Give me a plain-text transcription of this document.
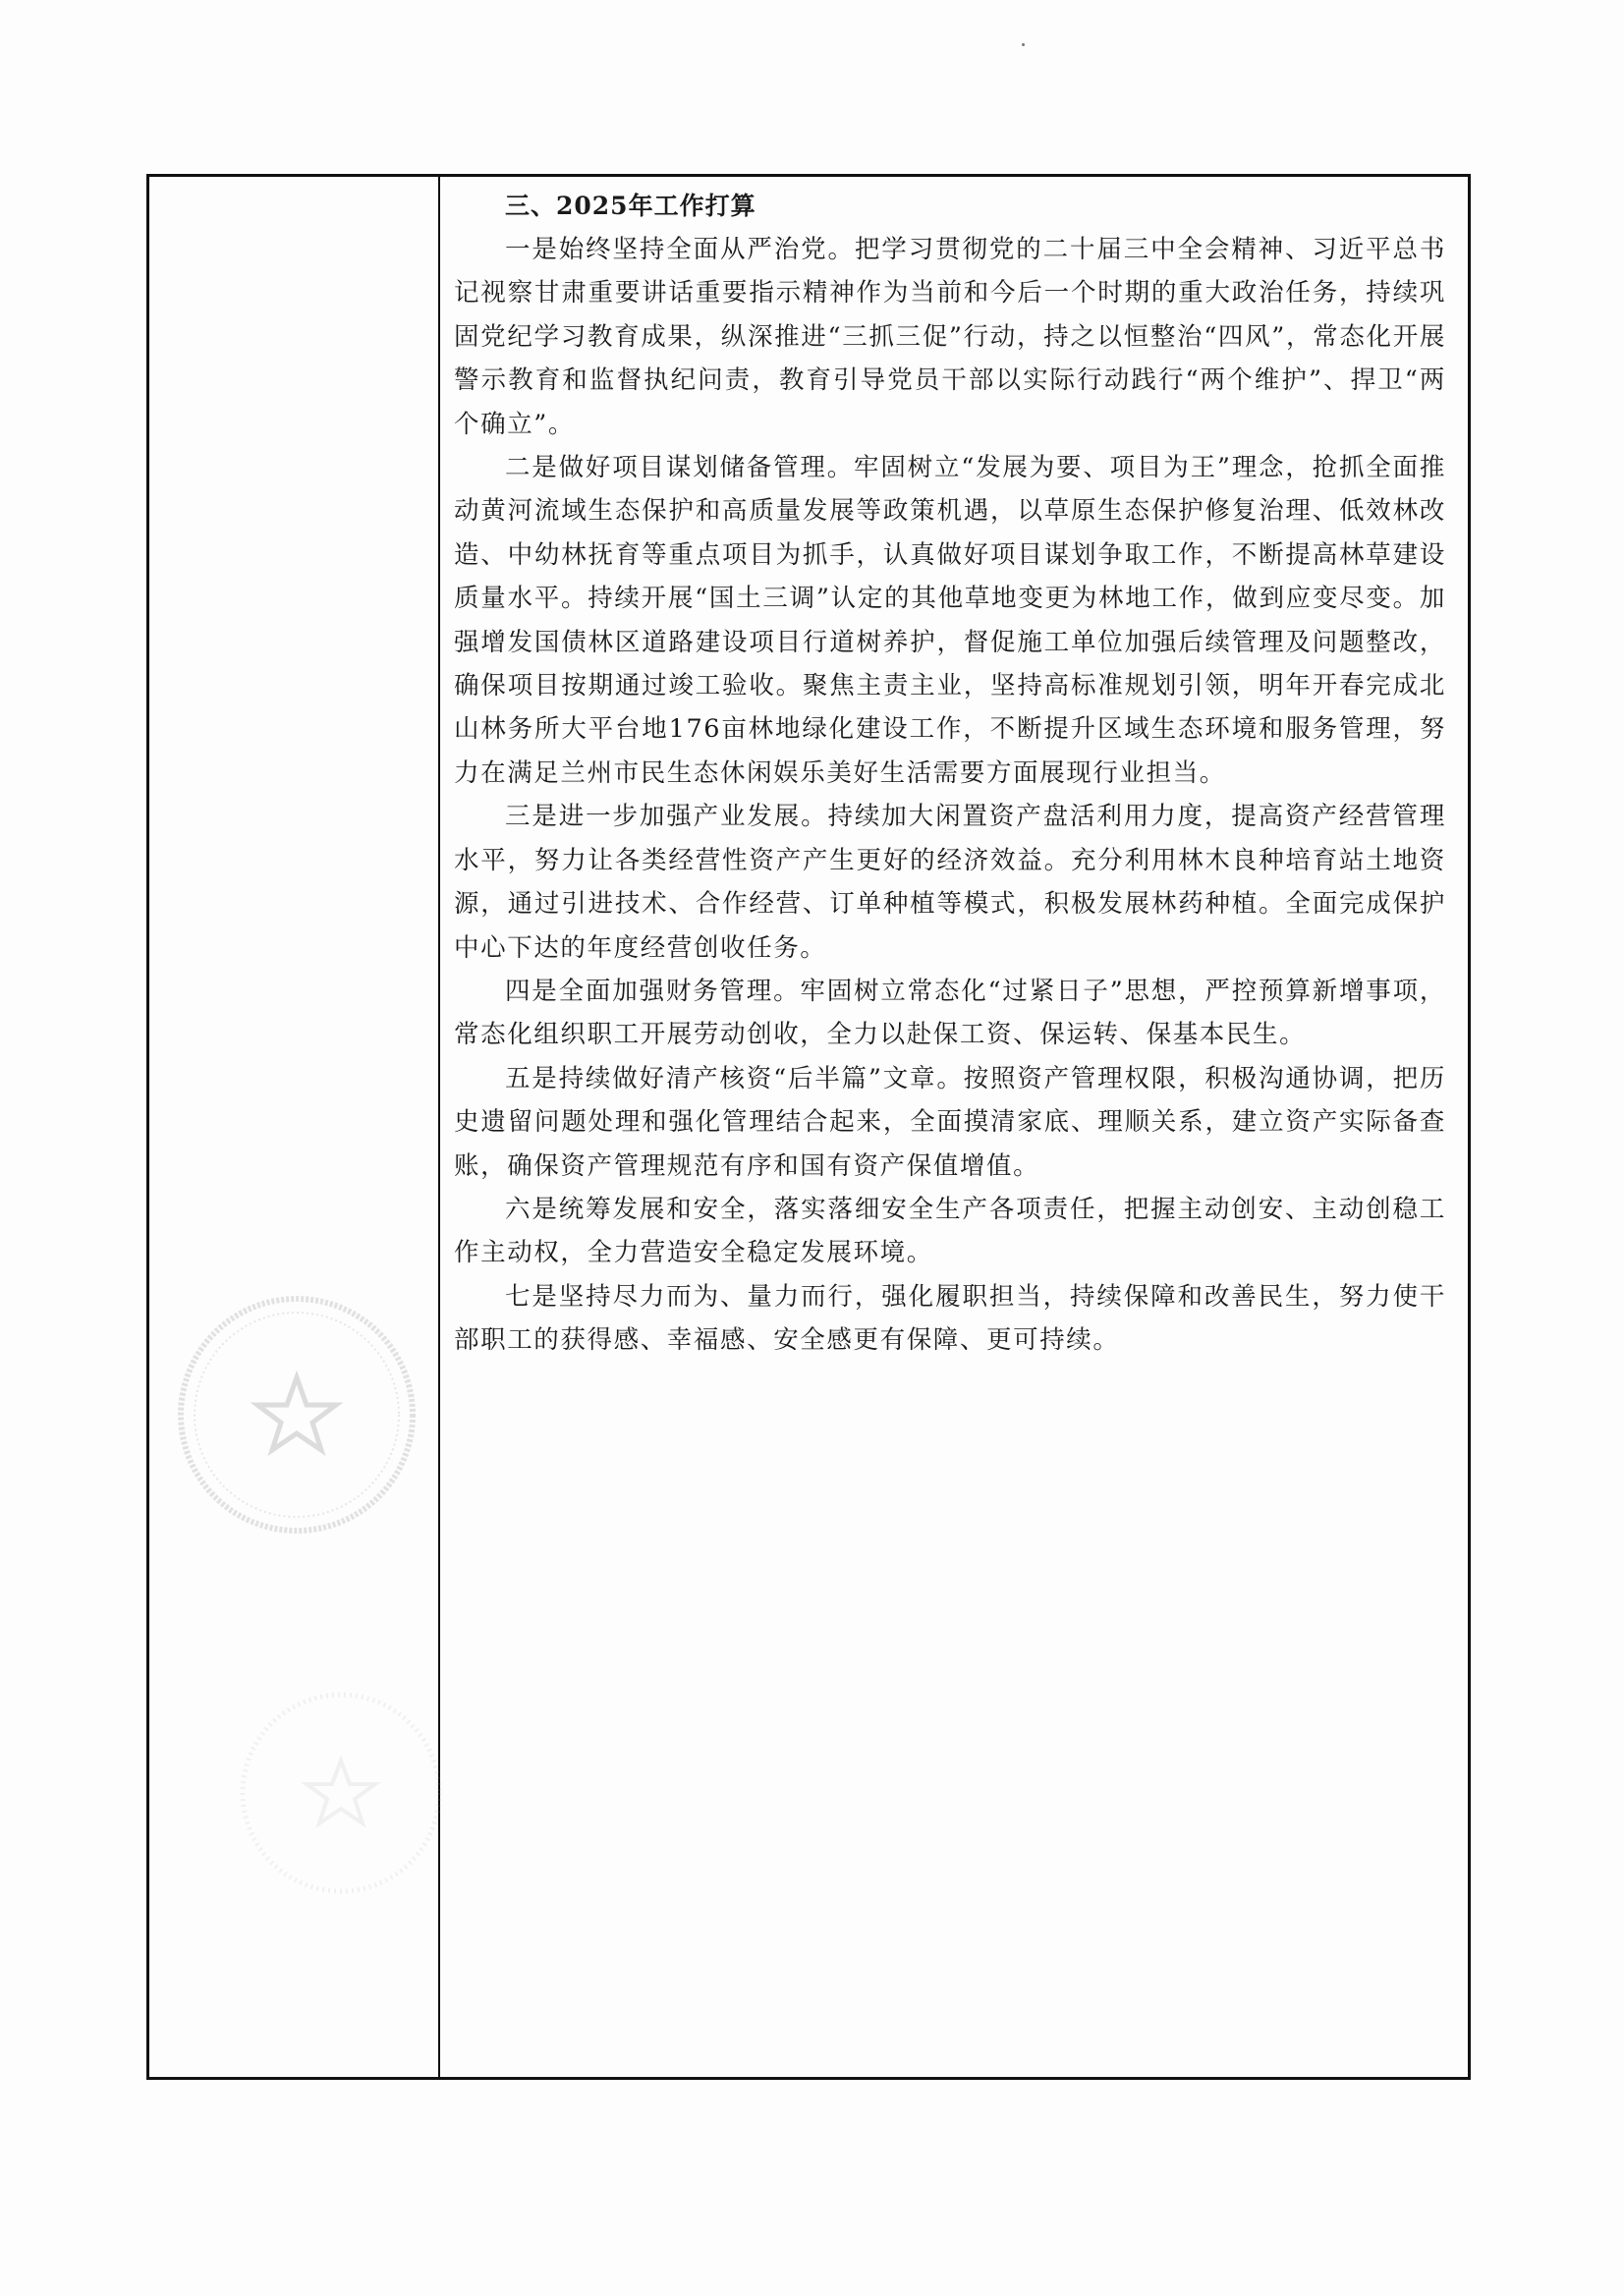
三、2025年工作打算

一是始终坚持全面从严治党。把学习贯彻党的二十届三中全会精神、习近平总书记视察甘肃重要讲话重要指示精神作为当前和今后一个时期的重大政治任务，持续巩固党纪学习教育成果，纵深推进“三抓三促”行动，持之以恒整治“四风”，常态化开展警示教育和监督执纪问责，教育引导党员干部以实际行动践行“两个维护”、捍卫“两个确立”。

二是做好项目谋划储备管理。牢固树立“发展为要、项目为王”理念，抢抓全面推动黄河流域生态保护和高质量发展等政策机遇，以草原生态保护修复治理、低效林改造、中幼林抚育等重点项目为抓手，认真做好项目谋划争取工作，不断提高林草建设质量水平。持续开展“国土三调”认定的其他草地变更为林地工作，做到应变尽变。加强增发国债林区道路建设项目行道树养护，督促施工单位加强后续管理及问题整改，确保项目按期通过竣工验收。聚焦主责主业，坚持高标准规划引领，明年开春完成北山林务所大平台地176亩林地绿化建设工作，不断提升区域生态环境和服务管理，努力在满足兰州市民生态休闲娱乐美好生活需要方面展现行业担当。

三是进一步加强产业发展。持续加大闲置资产盘活利用力度，提高资产经营管理水平，努力让各类经营性资产产生更好的经济效益。充分利用林木良种培育站土地资源，通过引进技术、合作经营、订单种植等模式，积极发展林药种植。全面完成保护中心下达的年度经营创收任务。

四是全面加强财务管理。牢固树立常态化“过紧日子”思想，严控预算新增事项，常态化组织职工开展劳动创收，全力以赴保工资、保运转、保基本民生。

五是持续做好清产核资“后半篇”文章。按照资产管理权限，积极沟通协调，把历史遗留问题处理和强化管理结合起来，全面摸清家底、理顺关系，建立资产实际备查账，确保资产管理规范有序和国有资产保值增值。

六是统筹发展和安全，落实落细安全生产各项责任，把握主动创安、主动创稳工作主动权，全力营造安全稳定发展环境。

七是坚持尽力而为、量力而行，强化履职担当，持续保障和改善民生，努力使干部职工的获得感、幸福感、安全感更有保障、更可持续。
